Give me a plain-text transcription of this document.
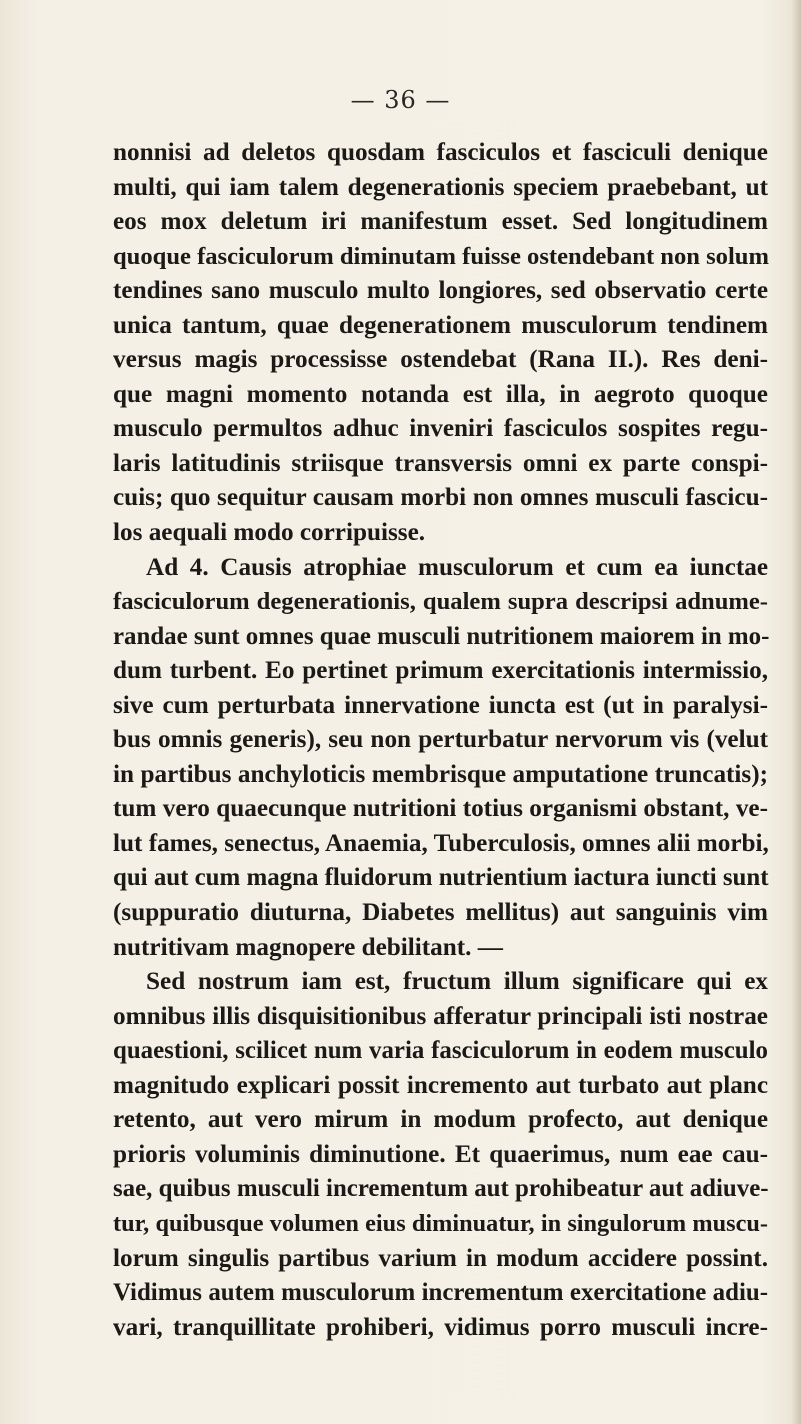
— 36 —
nonnisi ad deletos quosdam fasciculos et fasciculi denique
multi, qui iam talem degenerationis speciem praebebant, ut
eos mox deletum iri manifestum esset. Sed longitudinem
quoque fasciculorum diminutam fuisse ostendebant non solum
tendines sano musculo multo longiores, sed observatio certe
unica tantum, quae degenerationem musculorum tendinem
versus magis processisse ostendebat (Rana II.). Res deni-
que magni momento notanda est illa, in aegroto quoque
musculo permultos adhuc inveniri fasciculos sospites regu-
laris latitudinis striisque transversis omni ex parte conspi-
cuis; quo sequitur causam morbi non omnes musculi fascicu-
los aequali modo corripuisse.
Ad 4. Causis atrophiae musculorum et cum ea iunctae
fasciculorum degenerationis, qualem supra descripsi adnume-
randae sunt omnes quae musculi nutritionem maiorem in mo-
dum turbent. Eo pertinet primum exercitationis intermissio,
sive cum perturbata innervatione iuncta est (ut in paralysi-
bus omnis generis), seu non perturbatur nervorum vis (velut
in partibus anchyloticis membrisque amputatione truncatis);
tum vero quaecunque nutritioni totius organismi obstant, ve-
lut fames, senectus, Anaemia, Tuberculosis, omnes alii morbi,
qui aut cum magna fluidorum nutrientium iactura iuncti sunt
(suppuratio diuturna, Diabetes mellitus) aut sanguinis vim
nutritivam magnopere debilitant. —
Sed nostrum iam est, fructum illum significare qui ex
omnibus illis disquisitionibus afferatur principali isti nostrae
quaestioni, scilicet num varia fasciculorum in eodem musculo
magnitudo explicari possit incremento aut turbato aut planc
retento, aut vero mirum in modum profecto, aut denique
prioris voluminis diminutione. Et quaerimus, num eae cau-
sae, quibus musculi incrementum aut prohibeatur aut adiuve-
tur, quibusque volumen eius diminuatur, in singulorum muscu-
lorum singulis partibus varium in modum accidere possint.
Vidimus autem musculorum incrementum exercitatione adiu-
vari, tranquillitate prohiberi, vidimus porro musculi incre-
